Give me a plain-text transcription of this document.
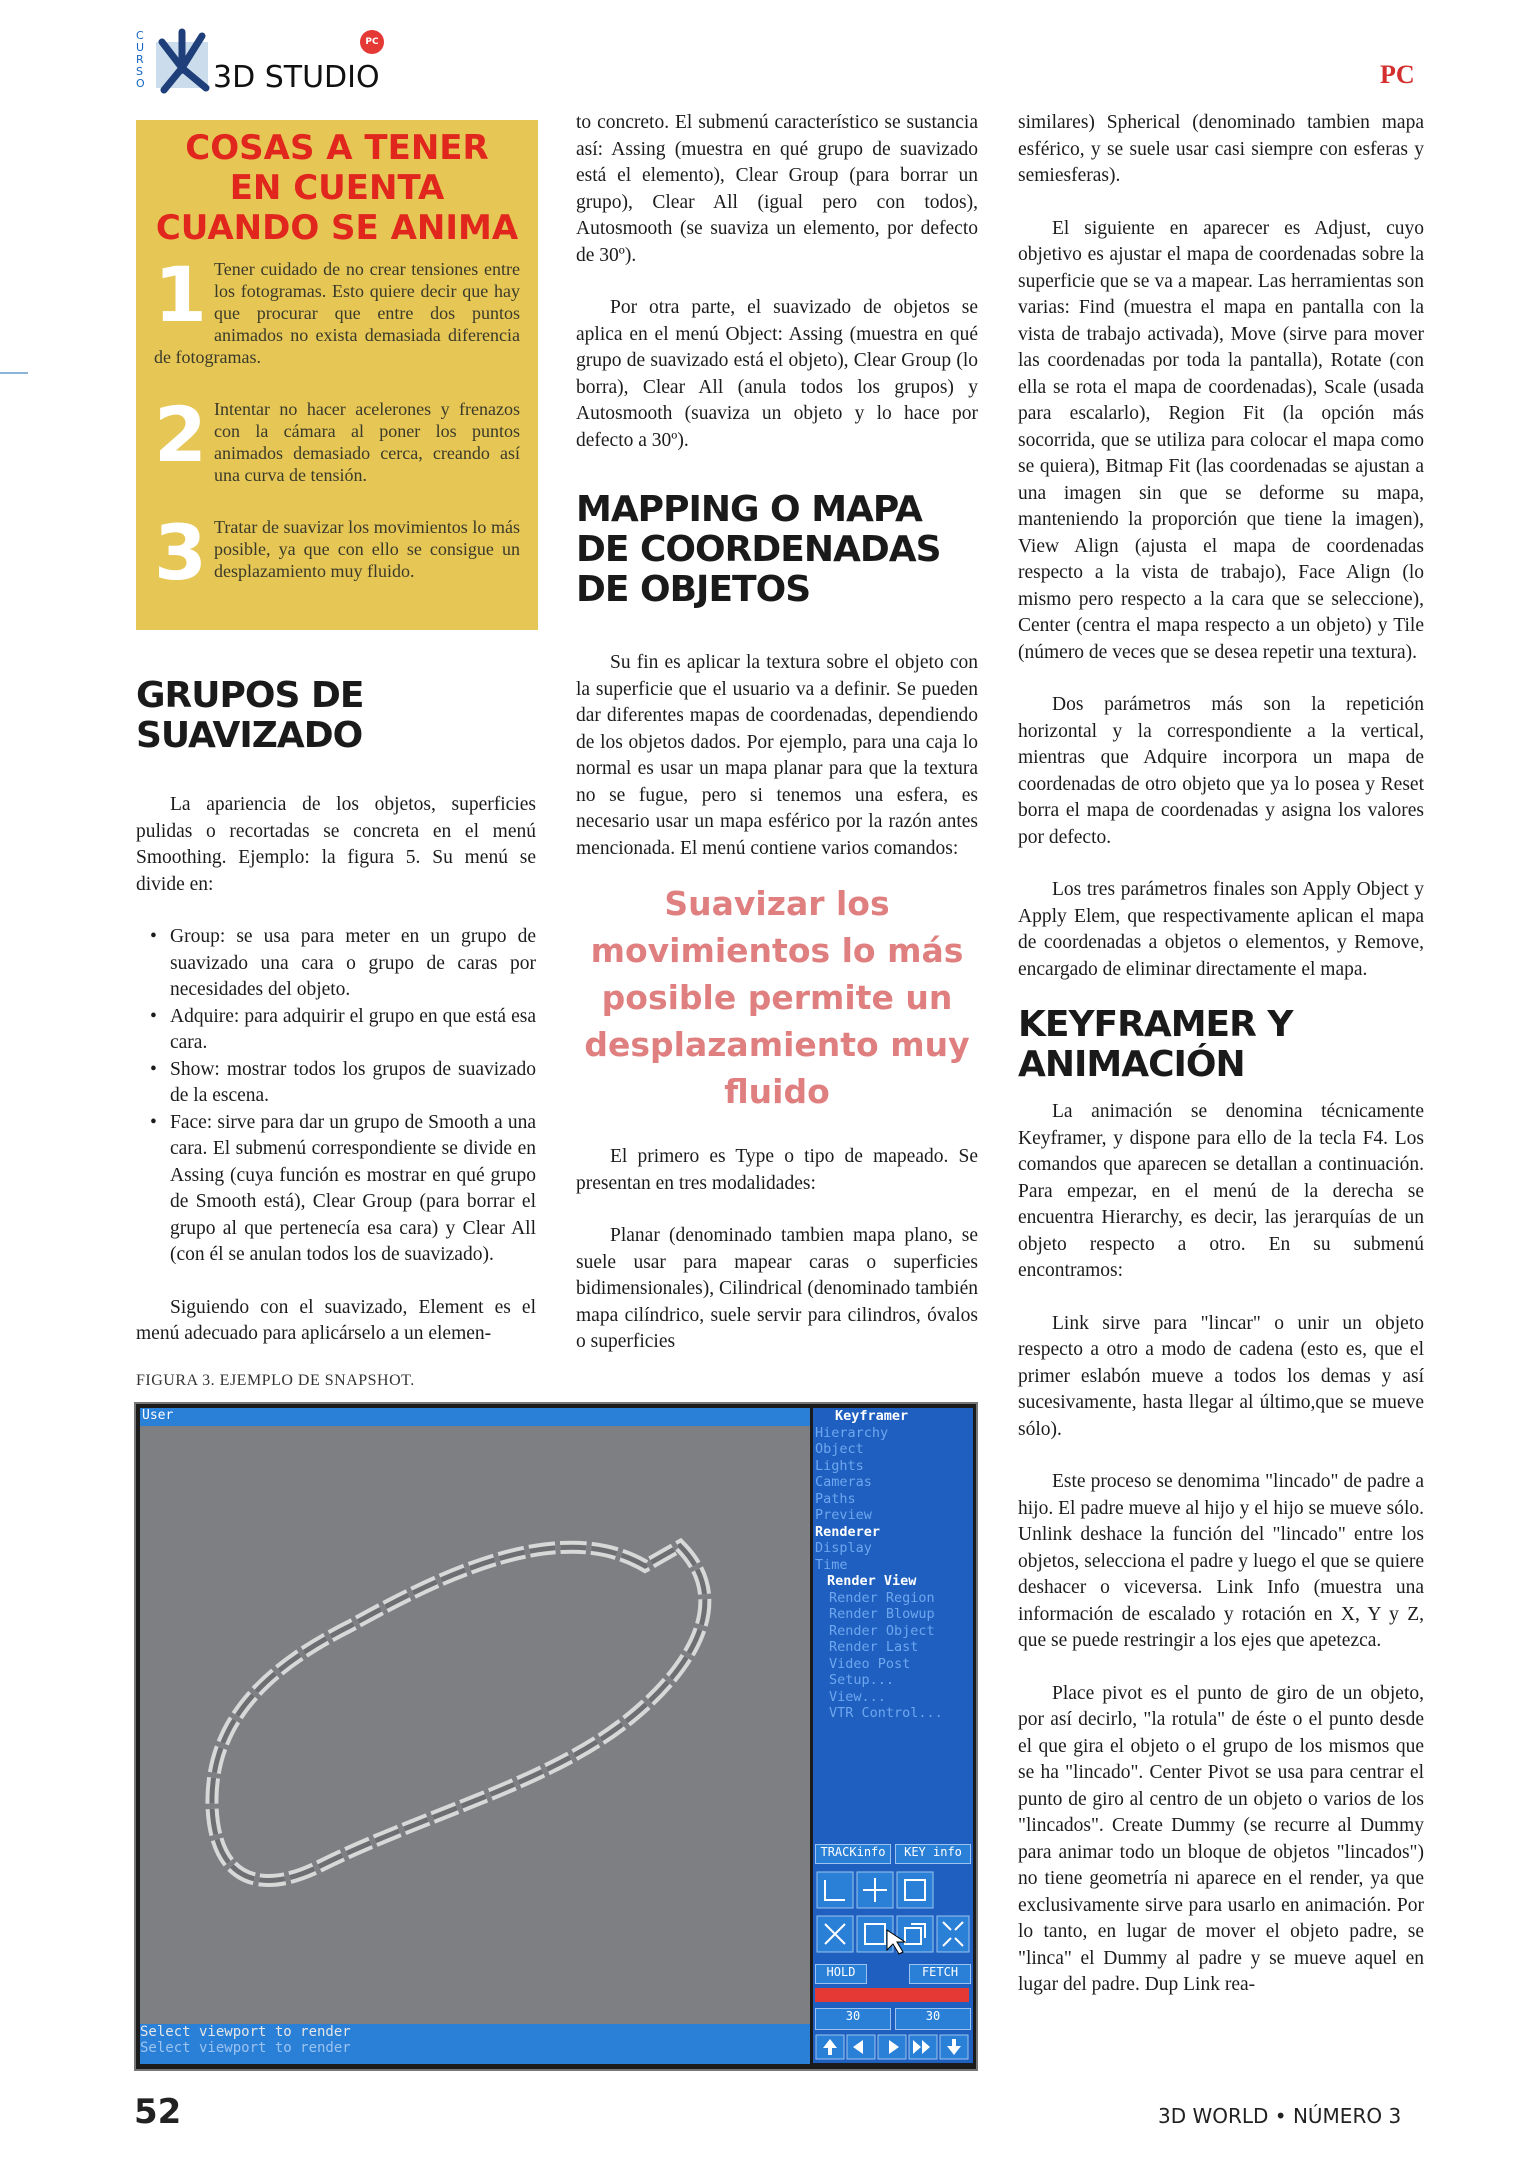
C
U
R
S
O
PC
3D STUDIO	PC
COSAS A TENER
EN CUENTA
CUANDO SE ANIMA
1 Tener cuidado de no crear tensiones entre los fotogramas. Esto quiere decir que hay que procurar que entre dos puntos animados no exista demasiada diferencia de fotogramas.
2 Intentar no hacer acelerones y frenazos con la cámara al poner los puntos animados demasiado cerca, creando así una curva de tensión.
3 Tratar de suavizar los movimientos lo más posible, ya que con ello se consigue un desplazamiento muy fluido.
GRUPOS DE
SUAVIZADO

La apariencia de los objetos, superficies pulidas o recortadas se concreta en el menú Smoothing. Ejemplo: la figura 5. Su menú se divide en:

• Group: se usa para meter en un grupo de suavizado una cara o grupo de caras por necesidades del objeto.
• Adquire: para adquirir el grupo en que está esa cara.
• Show: mostrar todos los grupos de suavizado de la escena.
• Face: sirve para dar un grupo de Smooth a una cara. El submenú correspondiente se divide en Assing (cuya función es mostrar en qué grupo de Smooth está), Clear Group (para borrar el grupo al que pertenecía esa cara) y Clear All (con él se anulan todos los de suavizado).

Siguiendo con el suavizado, Element es el menú adecuado para aplicárselo a un elemen-

to concreto. El submenú característico se sustancia así: Assing (muestra en qué grupo de suavizado está el elemento), Clear Group (para borrar un grupo), Clear All (igual pero con todos), Autosmooth (se suaviza un elemento, por defecto de 30º).

Por otra parte, el suavizado de objetos se aplica en el menú Object: Assing (muestra en qué grupo de suavizado está el objeto), Clear Group (lo borra), Clear All (anula todos los grupos) y Autosmooth (suaviza un objeto y lo hace por defecto a 30º).

MAPPING O MAPA
DE COORDENADAS
DE OBJETOS

Su fin es aplicar la textura sobre el objeto con la superficie que el usuario va a definir. Se pueden dar diferentes mapas de coordenadas, dependiendo de los objetos dados. Por ejemplo, para una caja lo normal es usar un mapa planar para que la textura no se fugue, pero si tenemos una esfera, es necesario usar un mapa esférico por la razón antes mencionada. El menú contiene varios comandos:

Suavizar los movimientos lo más posible permite un desplazamiento muy fluido

El primero es Type o tipo de mapeado. Se presentan en tres modalidades:

Planar (denominado tambien mapa plano, se suele usar para mapear caras o superficies bidimensionales), Cilindrical (denominado también mapa cilíndrico, suele servir para cilindros, óvalos o superficies

similares) Spherical (denominado tambien mapa esférico, y se suele usar casi siempre con esferas y semiesferas).

El siguiente en aparecer es Adjust, cuyo objetivo es ajustar el mapa de coordenadas sobre la superficie que se va a mapear. Las herramientas son varias: Find (muestra el mapa en pantalla con la vista de trabajo activada), Move (sirve para mover las coordenadas por toda la pantalla), Rotate (con ella se rota el mapa de coordenadas), Scale (usada para escalarlo), Region Fit (la opción más socorrida, que se utiliza para colocar el mapa como se quiera), Bitmap Fit (las coordenadas se ajustan a una imagen sin que se deforme su mapa, manteniendo la proporción que tiene la imagen), View Align (ajusta el mapa de coordenadas respecto a la vista de trabajo), Face Align (lo mismo pero respecto a la cara que se seleccione), Center (centra el mapa respecto a un objeto) y Tile (número de veces que se desea repetir una textura).

Dos parámetros más son la repetición horizontal y la correspondiente a la vertical, mientras que Adquire incorpora un mapa de coordenadas de otro objeto que ya lo posea y Reset borra el mapa de coordenadas y asigna los valores por defecto.

Los tres parámetros finales son Apply Object y Apply Elem, que respectivamente aplican el mapa de coordenadas a objetos o elementos, y Remove, encargado de eliminar directamente el mapa.

KEYFRAMER Y
ANIMACIÓN

La animación se denomina técnicamente Keyframer, y dispone para ello de la tecla F4. Los comandos que aparecen se detallan a continuación. Para empezar, en el menú de la derecha se encuentra Hierarchy, es decir, las jerarquías de un objeto respecto a otro. En su submenú encontramos:

Link sirve para "lincar" o unir un objeto respecto a otro a modo de cadena (esto es, que el primer eslabón mueve a todos los demas y así sucesivamente, hasta llegar al último,que se mueve sólo).

Este proceso se denomima "lincado" de padre a hijo. El padre mueve al hijo y el hijo se mueve sólo. Unlink deshace la función del "lincado" entre los objetos, selecciona el padre y luego el que se quiere deshacer o viceversa. Link Info (muestra una información de escalado y rotación en X, Y y Z, que se puede restringir a los ejes que apetezca.

Place pivot es el punto de giro de un objeto, por así decirlo, "la rotula" de éste o el punto desde el que gira el objeto o el grupo de los mismos que se ha "lincado". Center Pivot se usa para centrar el punto de giro al centro de un objeto o varios de los "lincados". Create Dummy (se recurre al Dummy para animar todo un bloque de objetos "lincados") no tiene geometría ni aparece en el render, ya que exclusivamente sirve para usarlo en animación. Por lo tanto, en lugar de mover el objeto padre, se "linca" el Dummy al padre y se mueve aquel en lugar del padre. Dup Link rea-

FIGURA 3. EJEMPLO DE SNAPSHOT.
User
Select viewport to render
Select viewport to render
Keyframer
Hierarchy
Object
Lights
Cameras
Paths
Preview
Renderer
Display
Time
Render View
Render Region
Render Blowup
Render Object
Render Last
Video Post
Setup...
View...
VTR Control...
TRACKinfo	KEY info
HOLD	FETCH
30	30
52	3D WORLD • NÚMERO 3
